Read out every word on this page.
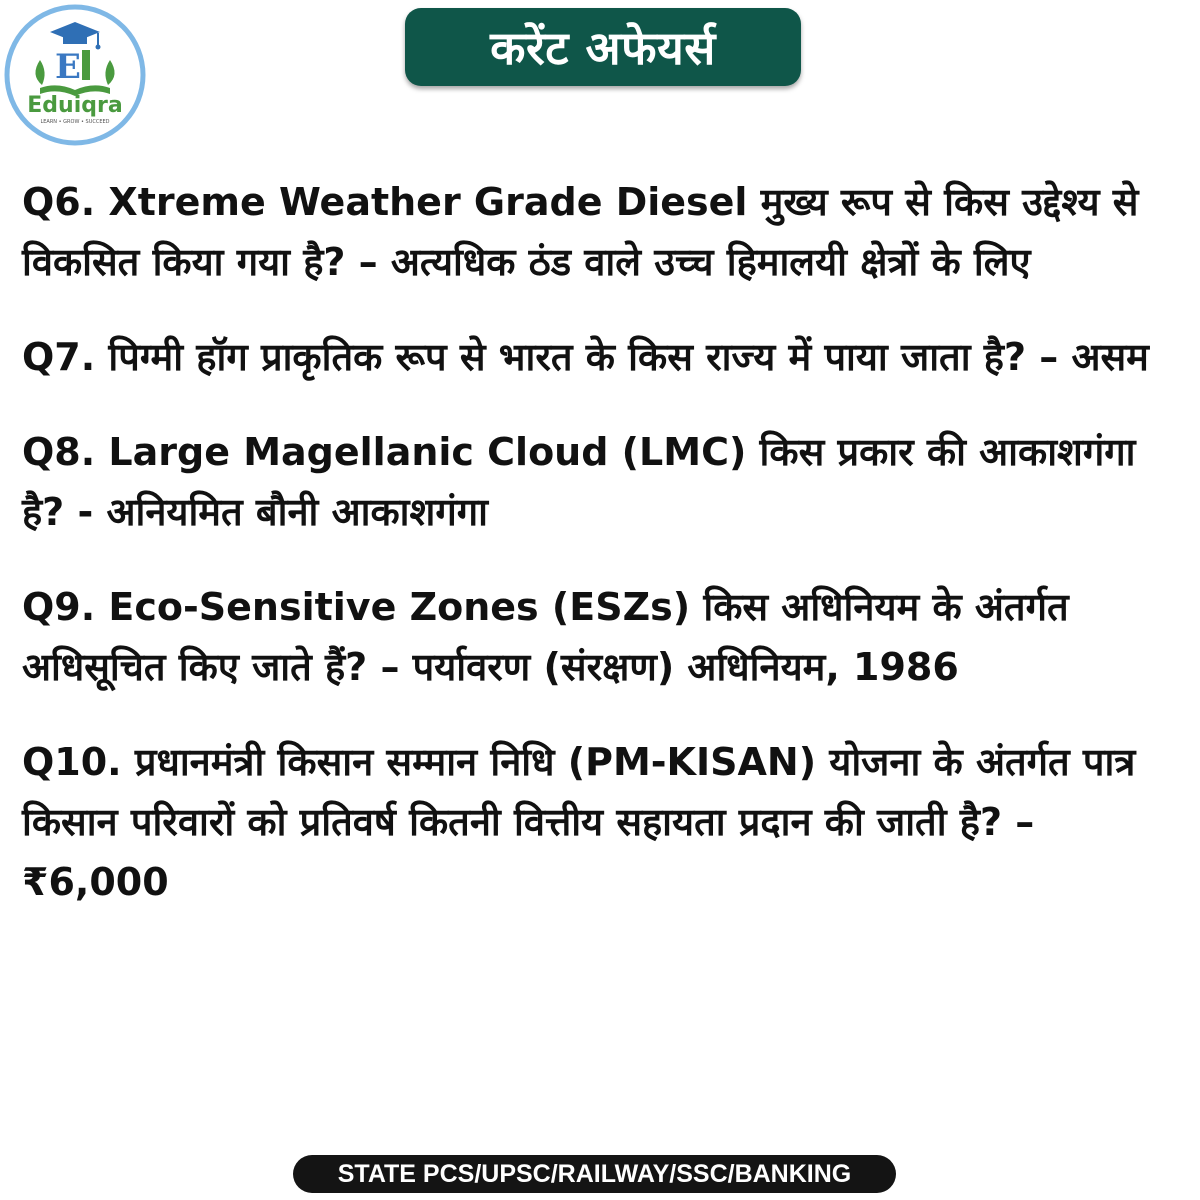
E
Eduiqra
LEARN • GROW • SUCCEED
करेंट अफेयर्स
Q6. Xtreme Weather Grade Diesel मुख्य रूप से किस उद्देश्य से विकसित किया गया है? – अत्यधिक ठंड वाले उच्च हिमालयी क्षेत्रों के लिए
Q7. पिग्मी हॉग प्राकृतिक रूप से भारत के किस राज्य में पाया जाता है? – असम
Q8. Large Magellanic Cloud (LMC) किस प्रकार की आकाशगंगा है? - अनियमित बौनी आकाशगंगा
Q9. Eco-Sensitive Zones (ESZs) किस अधिनियम के अंतर्गत अधिसूचित किए जाते हैं? – पर्यावरण (संरक्षण) अधिनियम, 1986
Q10. प्रधानमंत्री किसान सम्मान निधि (PM-KISAN) योजना के अंतर्गत पात्र किसान परिवारों को प्रतिवर्ष कितनी वित्तीय सहायता प्रदान की जाती है? – ₹6,000
STATE PCS/UPSC/RAILWAY/SSC/BANKING
